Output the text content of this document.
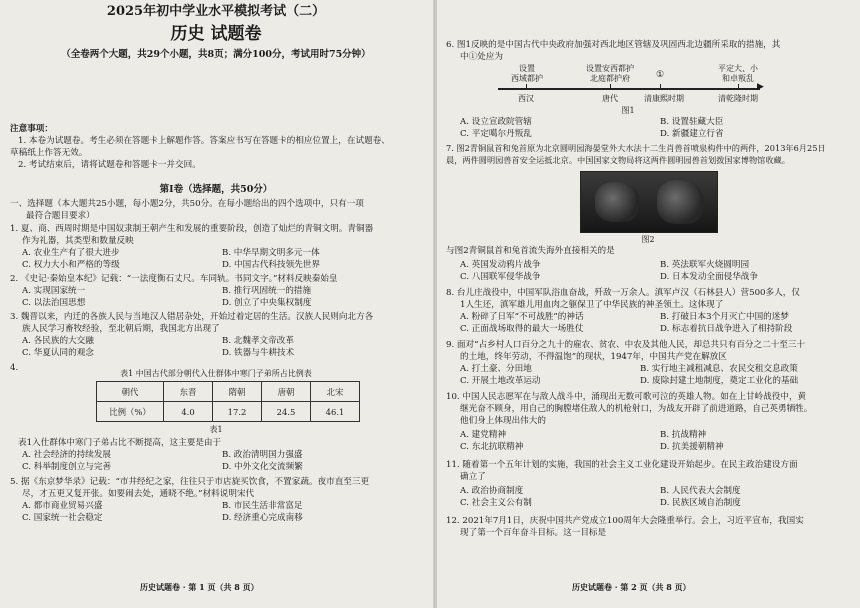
2025年初中学业水平模拟考试（二）
历史 试题卷
（全卷两个大题，共29个小题，共8页；满分100分，考试用时75分钟）
注意事项：
1. 本卷为试题卷。考生必须在答题卡上解题作答。答案应书写在答题卡的相应位置上，在试题卷、
草稿纸上作答无效。
2. 考试结束后，请将试题卷和答题卡一并交回。
第Ⅰ卷（选择题，共50分）
一、选择题（本大题共25小题，每小题2分，共50分。在每小题给出的四个选项中，只有一项
最符合题目要求）
1. 夏、商、西周时期是中国奴隶制王朝产生和发展的重要阶段，创造了灿烂的青铜文明。青铜器
作为礼器，其类型和数量反映
A. 农业生产有了很大进步	B. 中华早期文明多元一体
C. 权力大小和严格的等级	D. 中国古代科技领先世界
2. 《史记·秦始皇本纪》记载：“一法度衡石丈尺。车同轨。书同文字。”材料反映秦始皇
A. 实现国家统一	B. 推行巩固统一的措施
C. 以法治国思想	D. 创立了中央集权制度
3. 魏晋以来，内迁的各族人民与当地汉人错居杂处，开始过着定居的生活。汉族人民则向北方各
族人民学习畜牧经验，至北朝后期，我国北方出现了
A. 各民族的大交融	B. 北魏孝文帝改革
C. 华夏认同的观念	D. 铁器与牛耕技术
4.
表1 中国古代部分朝代入仕群体中寒门子弟所占比例表
朝代	东晋	隋朝	唐朝	北宋
比例（%）	4.0	17.2	24.5	46.1
表1
表1入仕群体中寒门子弟占比不断提高，这主要是由于
A. 社会经济的持续发展	B. 政治清明国力强盛
C. 科举制度创立与完善	D. 中外文化交流频繁
5. 据《东京梦华录》记载：“市井经纪之家，往往只于市店旋买饮食，不置家蔬。夜市直至三更
尽，才五更又复开张。如要闹去处，通晓不绝。”材料说明宋代
A. 都市商业贸易兴盛	B. 市民生活非常富足
C. 国家统一社会稳定	D. 经济重心完成南移
历史试题卷 · 第 1 页（共 8 页）
6. 图1反映的是中国古代中央政府加强对西北地区管辖及巩固西北边疆所采取的措施，其
中①处应为
设置
西域都护
设置安西都护
北庭都护府	①
平定大、小
和卓叛乱
▶
西汉	唐代	清康熙时期	清乾隆时期
图1
A. 设立宣政院管辖	B. 设置驻藏大臣
C. 平定噶尔丹叛乱	D. 新疆建立行省
7. 图2青铜鼠首和兔首原为北京圆明园海晏堂外大水法十二生肖兽首喷泉构件中的两件，2013年6月25日
晨，两件圆明园兽首安全运抵北京。中国国家文物局将这两件圆明园兽首划拨国家博物馆收藏。
图2
与图2青铜鼠首和兔首流失海外直接相关的是
A. 英国发动鸦片战争	B. 英法联军火烧圆明园
C. 八国联军侵华战争	D. 日本发动全面侵华战争
8. 台儿庄战役中，中国军队浴血奋战，歼敌一万余人。滇军卢汉（石林县人）营500多人，仅
1人生还，滇军雄儿用血肉之躯保卫了中华民族的神圣领土。这体现了
A. 粉碎了日军“不可战胜”的神话	B. 打破日本3个月灭亡中国的迷梦
C. 正面战场取得的最大一场胜仗	D. 标志着抗日战争进入了相持阶段
9. 面对“占乡村人口百分之九十的雇农、贫农、中农及其他人民，却总共只有百分之二十至三十
的土地，终年劳动，不得温饱”的现状，1947年，中国共产党在解放区
A. 打土豪、分田地	B. 实行地主减租减息、农民交租交息政策
C. 开展土地改革运动	D. 废除封建土地制度，奠定工业化的基础
10. 中国人民志愿军在与敌人战斗中，涌现出无数可歌可泣的英雄人物。如在上甘岭战役中，黄
继光奋不顾身，用自己的胸膛堵住敌人的机枪射口，为战友开辟了前进道路，自己英勇牺牲。
他们身上体现出伟大的
A. 建党精神	B. 抗战精神
C. 东北抗联精神	D. 抗美援朝精神
11. 随着第一个五年计划的实施，我国的社会主义工业化建设开始起步。在民主政治建设方面
确立了
A. 政治协商制度	B. 人民代表大会制度
C. 社会主义公有制	D. 民族区域自治制度
12. 2021年7月1日，庆祝中国共产党成立100周年大会隆重举行。会上，习近平宣布，我国实
现了第一个百年奋斗目标。这一目标是
历史试题卷 · 第 2 页（共 8 页）
